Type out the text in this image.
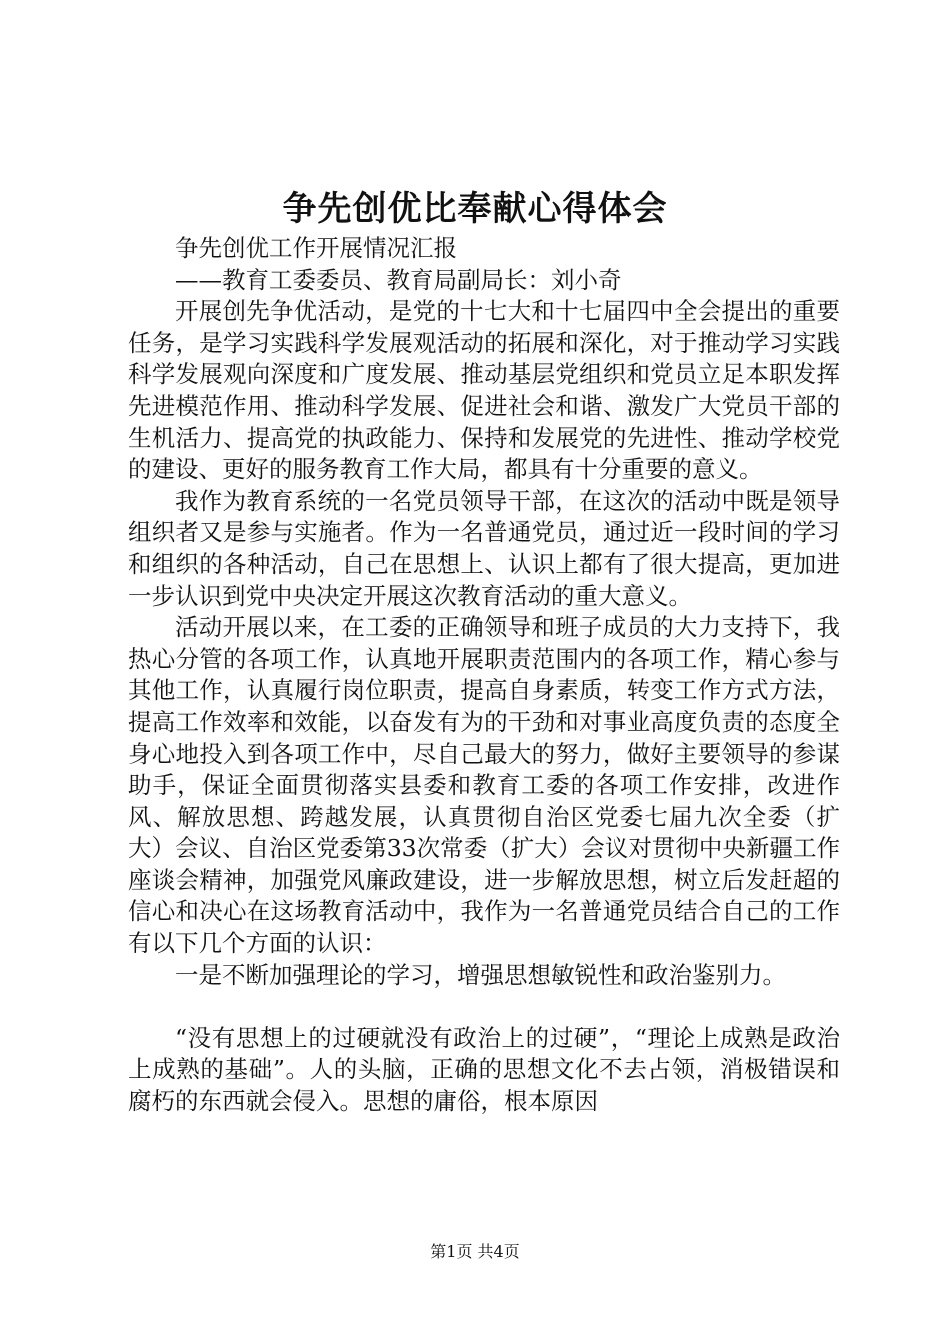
争先创优比奉献心得体会

争先创优工作开展情况汇报

——教育工委委员、教育局副局长：刘小奇

开展创先争优活动，是党的十七大和十七届四中全会提出的重要任务，是学习实践科学发展观活动的拓展和深化，对于推动学习实践科学发展观向深度和广度发展、推动基层党组织和党员立足本职发挥先进模范作用、推动科学发展、促进社会和谐、激发广大党员干部的生机活力、提高党的执政能力、保持和发展党的先进性、推动学校党的建设、更好的服务教育工作大局，都具有十分重要的意义。

我作为教育系统的一名党员领导干部，在这次的活动中既是领导组织者又是参与实施者。作为一名普通党员，通过近一段时间的学习和组织的各种活动，自己在思想上、认识上都有了很大提高，更加进一步认识到党中央决定开展这次教育活动的重大意义。

活动开展以来，在工委的正确领导和班子成员的大力支持下，我热心分管的各项工作，认真地开展职责范围内的各项工作，精心参与其他工作，认真履行岗位职责，提高自身素质，转变工作方式方法，提高工作效率和效能，以奋发有为的干劲和对事业高度负责的态度全身心地投入到各项工作中，尽自己最大的努力，做好主要领导的参谋助手，保证全面贯彻落实县委和教育工委的各项工作安排，改进作风、解放思想、跨越发展，认真贯彻自治区党委七届九次全委（扩大）会议、自治区党委第33次常委（扩大）会议对贯彻中央新疆工作座谈会精神，加强党风廉政建设，进一步解放思想，树立后发赶超的信心和决心在这场教育活动中，我作为一名普通党员结合自己的工作有以下几个方面的认识：

一是不断加强理论的学习，增强思想敏锐性和政治鉴别力。

“没有思想上的过硬就没有政治上的过硬”，“理论上成熟是政治上成熟的基础”。人的头脑，正确的思想文化不去占领，消极错误和腐朽的东西就会侵入。思想的庸俗，根本原因

第1页 共4页
